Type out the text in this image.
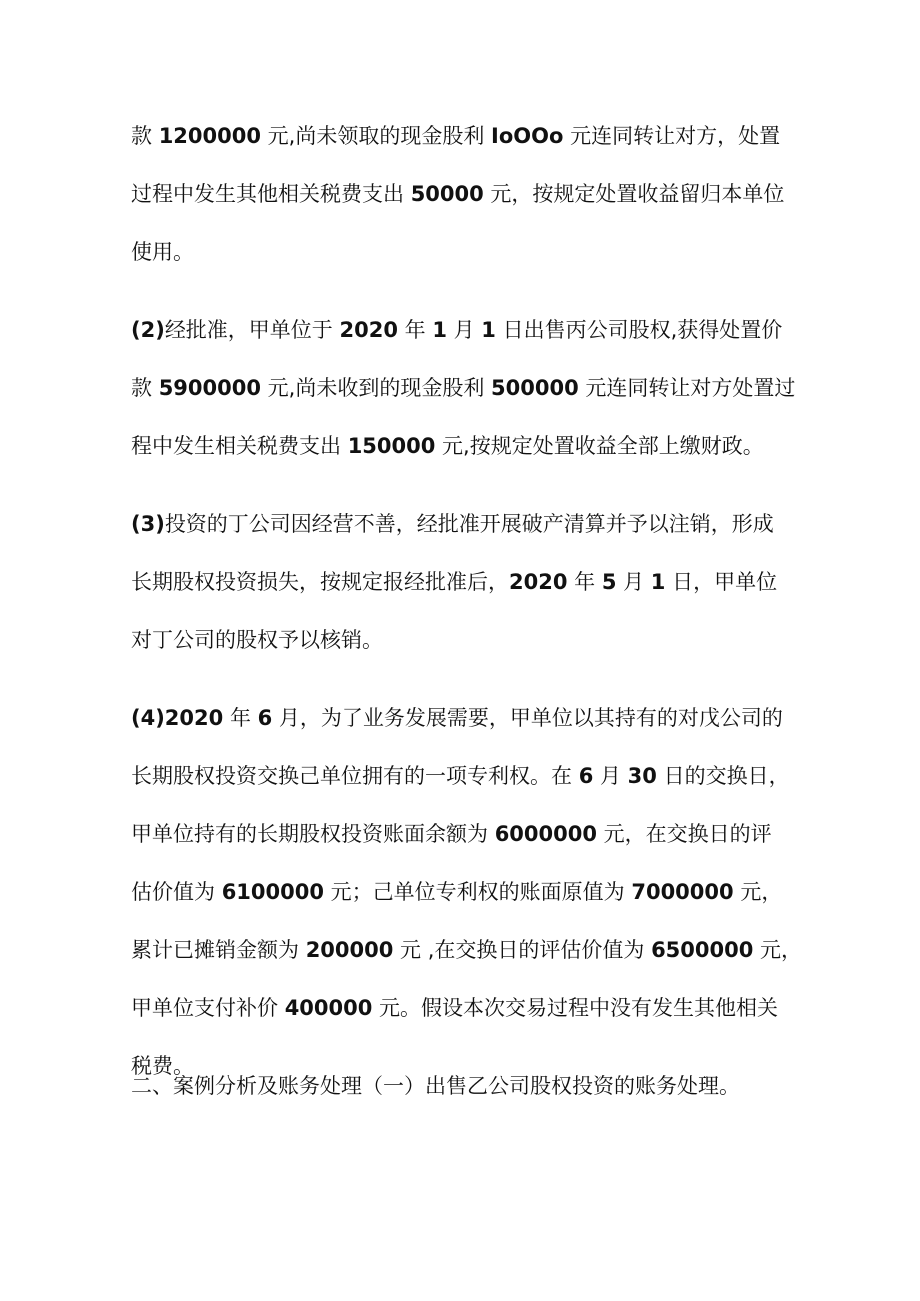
款 1200000 元,尚未领取的现金股利 IoOOo 元连同转让对方，处置
过程中发生其他相关税费支出 50000 元，按规定处置收益留归本单位
使用。
(2)经批准，甲单位于 2020 年 1 月 1 日出售丙公司股权,获得处置价
款 5900000 元,尚未收到的现金股利 500000 元连同转让对方处置过
程中发生相关税费支出 150000 元,按规定处置收益全部上缴财政。
(3)投资的丁公司因经营不善，经批准开展破产清算并予以注销，形成
长期股权投资损失，按规定报经批准后，2020 年 5 月 1 日，甲单位
对丁公司的股权予以核销。
(4)2020 年 6 月，为了业务发展需要，甲单位以其持有的对戊公司的
长期股权投资交换己单位拥有的一项专利权。在 6 月 30 日的交换日，
甲单位持有的长期股权投资账面余额为 6000000 元，在交换日的评
估价值为 6100000 元；己单位专利权的账面原值为 7000000 元，
累计已摊销金额为 200000 元 ,在交换日的评估价值为 6500000 元，
甲单位支付补价 400000 元。假设本次交易过程中没有发生其他相关
税费。
二、案例分析及账务处理（一）出售乙公司股权投资的账务处理。
